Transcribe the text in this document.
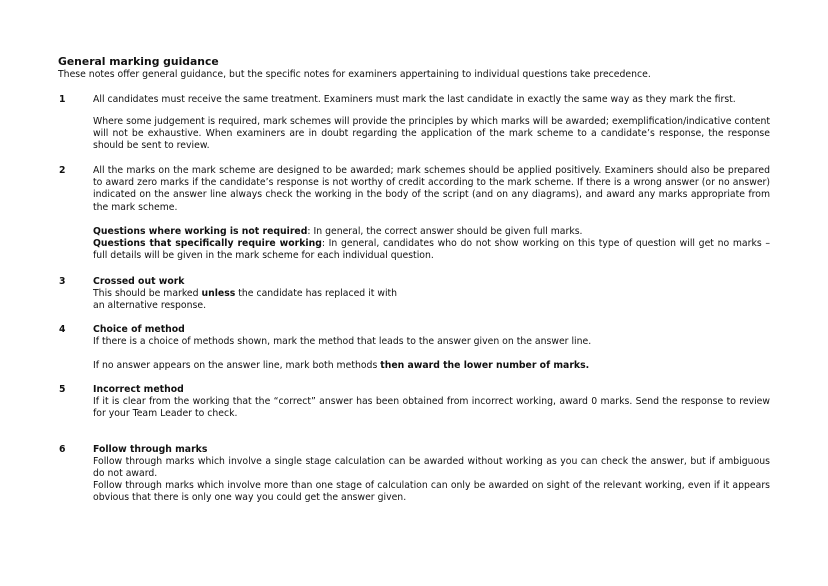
General marking guidance
These notes offer general guidance, but the specific notes for examiners appertaining to individual questions take precedence.
1	All candidates must receive the same treatment. Examiners must mark the last candidate in exactly the same way as they mark the first.
Where some judgement is required, mark schemes will provide the principles by which marks will be awarded; exemplification/indicative content will not be exhaustive. When examiners are in doubt regarding the application of the mark scheme to a candidate’s response, the response should be sent to review.
2	All the marks on the mark scheme are designed to be awarded; mark schemes should be applied positively. Examiners should also be prepared to award zero marks if the candidate’s response is not worthy of credit according to the mark scheme. If there is a wrong answer (or no answer) indicated on the answer line always check the working in the body of the script (and on any diagrams), and award any marks appropriate from the mark scheme.
Questions where working is not required: In general, the correct answer should be given full marks.
Questions that specifically require working: In general, candidates who do not show working on this type of question will get no marks – full details will be given in the mark scheme for each individual question.
3	Crossed out work
This should be marked unless the candidate has replaced it with
an alternative response.
4	Choice of method
If there is a choice of methods shown, mark the method that leads to the answer given on the answer line.
If no answer appears on the answer line, mark both methods then award the lower number of marks.
5	Incorrect method
If it is clear from the working that the “correct” answer has been obtained from incorrect working, award 0 marks. Send the response to review for your Team Leader to check.
6	Follow through marks
Follow through marks which involve a single stage calculation can be awarded without working as you can check the answer, but if ambiguous do not award.
Follow through marks which involve more than one stage of calculation can only be awarded on sight of the relevant working, even if it appears obvious that there is only one way you could get the answer given.
